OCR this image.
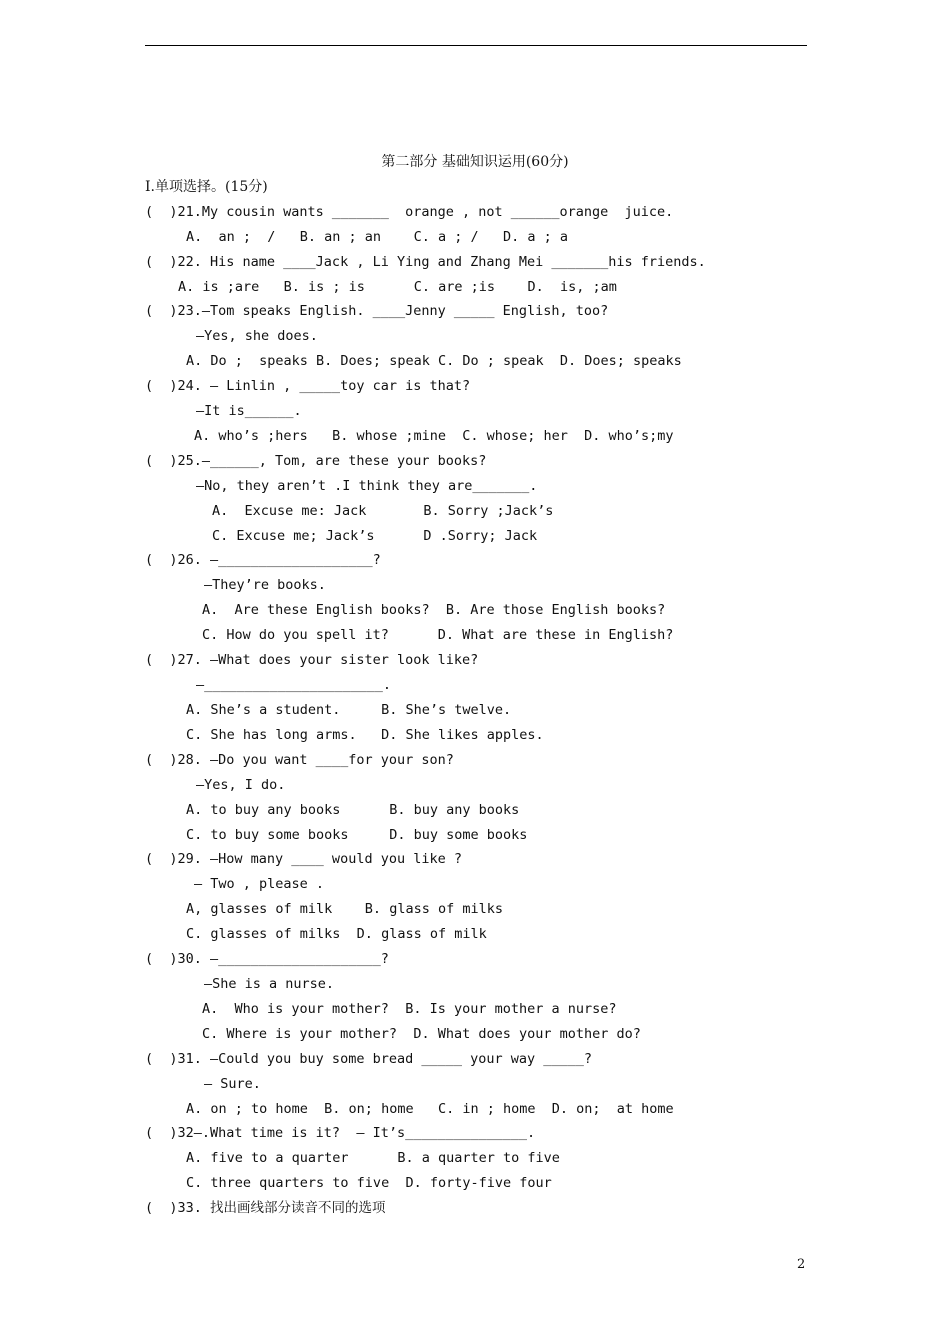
第二部分 基础知识运用(60分)
Ⅰ.单项选择。(15分)
(  )21.My cousin wants _______  orange , not ______orange  juice.
A.  an ;  /   B. an ; an    C. a ; /   D. a ; a
(  )22. His name ____Jack , Li Ying and Zhang Mei _______his friends.
A. is ;are   B. is ; is      C. are ;is    D.  is, ;am
(  )23.—Tom speaks English. ____Jenny _____ English, too?
—Yes, she does.
A. Do ;  speaks B. Does; speak C. Do ; speak  D. Does; speaks
(  )24. — Linlin , _____toy car is that?
—It is______.
A. who’s ;hers   B. whose ;mine  C. whose; her  D. who’s;my
(  )25.—______, Tom, are these your books?
—No, they aren’t .I think they are_______.
A.  Excuse me: Jack       B. Sorry ;Jack’s
C. Excuse me; Jack’s      D .Sorry; Jack
(  )26. —___________________?
—They’re books.
A.  Are these English books?  B. Are those English books?
C. How do you spell it?      D. What are these in English?
(  )27. —What does your sister look like?
—______________________.
A. She’s a student.     B. She’s twelve.
C. She has long arms.   D. She likes apples.
(  )28. —Do you want ____for your son?
—Yes, I do.
A. to buy any books      B. buy any books
C. to buy some books     D. buy some books
(  )29. —How many ____ would you like ?
— Two , please .
A, glasses of milk    B. glass of milks
C. glasses of milks  D. glass of milk
(  )30. —____________________?
—She is a nurse.
A.  Who is your mother?  B. Is your mother a nurse?
C. Where is your mother?  D. What does your mother do?
(  )31. —Could you buy some bread _____ your way _____?
— Sure.
A. on ; to home  B. on; home   C. in ; home  D. on;  at home
(  )32—.What time is it?  — It’s_______________.
A. five to a quarter      B. a quarter to five
C. three quarters to five  D. forty-five four
(  )33. 找出画线部分读音不同的选项
2
